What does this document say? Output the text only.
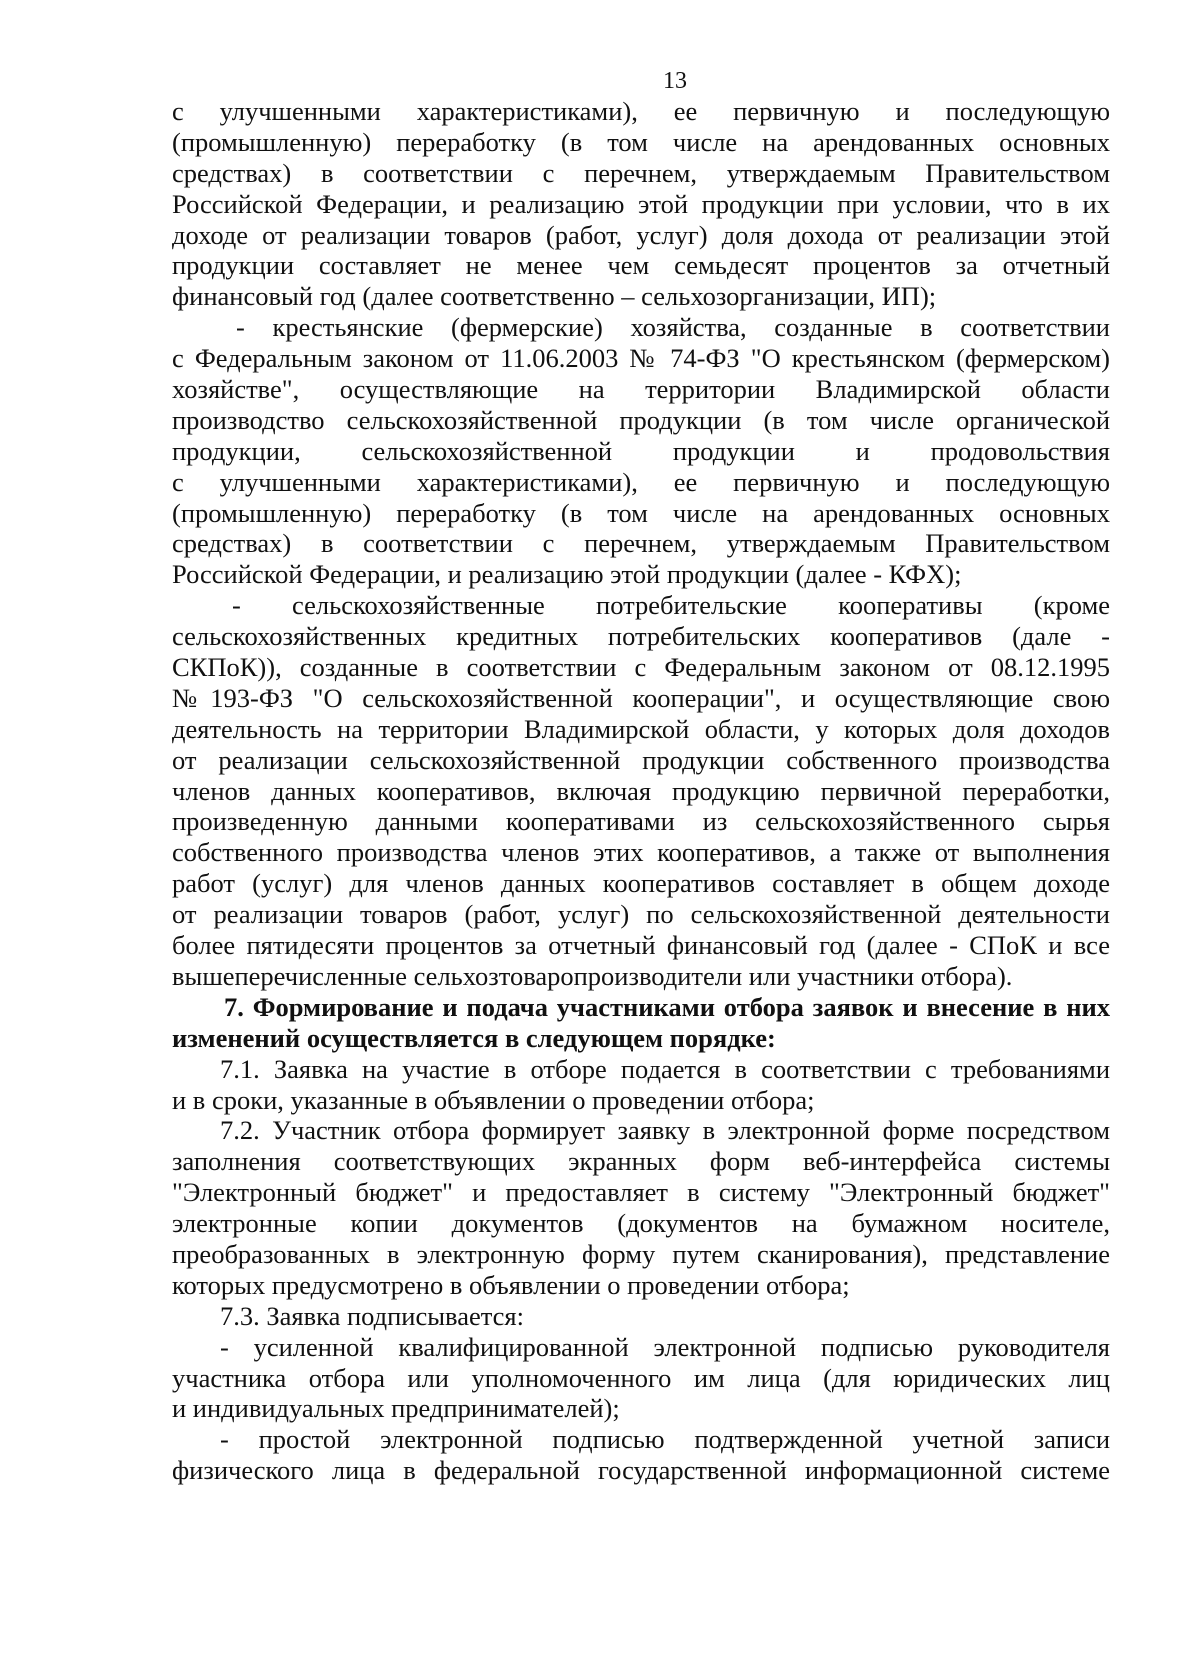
13
с улучшенными характеристиками), ее первичную и последующую
(промышленную) переработку (в том числе на арендованных основных
средствах) в соответствии с перечнем, утверждаемым Правительством
Российской Федерации, и реализацию этой продукции при условии, что в их
доходе от реализации товаров (работ, услуг) доля дохода от реализации этой
продукции составляет не менее чем семьдесят процентов за отчетный
финансовый год (далее соответственно – сельхозорганизации, ИП);
- крестьянские (фермерские) хозяйства, созданные в соответствии
с Федеральным законом от 11.06.2003 № 74-ФЗ "О крестьянском (фермерском)
хозяйстве", осуществляющие на территории Владимирской области
производство сельскохозяйственной продукции (в том числе органической
продукции, сельскохозяйственной продукции и продовольствия
с улучшенными характеристиками), ее первичную и последующую
(промышленную) переработку (в том числе на арендованных основных
средствах) в соответствии с перечнем, утверждаемым Правительством
Российской Федерации, и реализацию этой продукции (далее - КФХ);
- сельскохозяйственные потребительские кооперативы (кроме
сельскохозяйственных кредитных потребительских кооперативов (дале -
СКПоК)), созданные в соответствии с Федеральным законом от 08.12.1995
№193-ФЗ "О сельскохозяйственной кооперации", и осуществляющие свою
деятельность на территории Владимирской области, у которых доля доходов
от реализации сельскохозяйственной продукции собственного производства
членов данных кооперативов, включая продукцию первичной переработки,
произведенную данными кооперативами из сельскохозяйственного сырья
собственного производства членов этих кооперативов, а также от выполнения
работ (услуг) для членов данных кооперативов составляет в общем доходе
от реализации товаров (работ, услуг) по сельскохозяйственной деятельности
более пятидесяти процентов за отчетный финансовый год (далее - СПоК и все
вышеперечисленные сельхозтоваропроизводители или участники отбора).
7. Формирование и подача участниками отбора заявок и внесение в них
изменений осуществляется в следующем порядке:
7.1. Заявка на участие в отборе подается в соответствии с требованиями
и в сроки, указанные в объявлении о проведении отбора;
7.2. Участник отбора формирует заявку в электронной форме посредством
заполнения соответствующих экранных форм веб-интерфейса системы
"Электронный бюджет" и предоставляет в систему "Электронный бюджет"
электронные копии документов (документов на бумажном носителе,
преобразованных в электронную форму путем сканирования), представление
которых предусмотрено в объявлении о проведении отбора;
7.3. Заявка подписывается:
- усиленной квалифицированной электронной подписью руководителя
участника отбора или уполномоченного им лица (для юридических лиц
и индивидуальных предпринимателей);
- простой электронной подписью подтвержденной учетной записи
физического лица в федеральной государственной информационной системе
